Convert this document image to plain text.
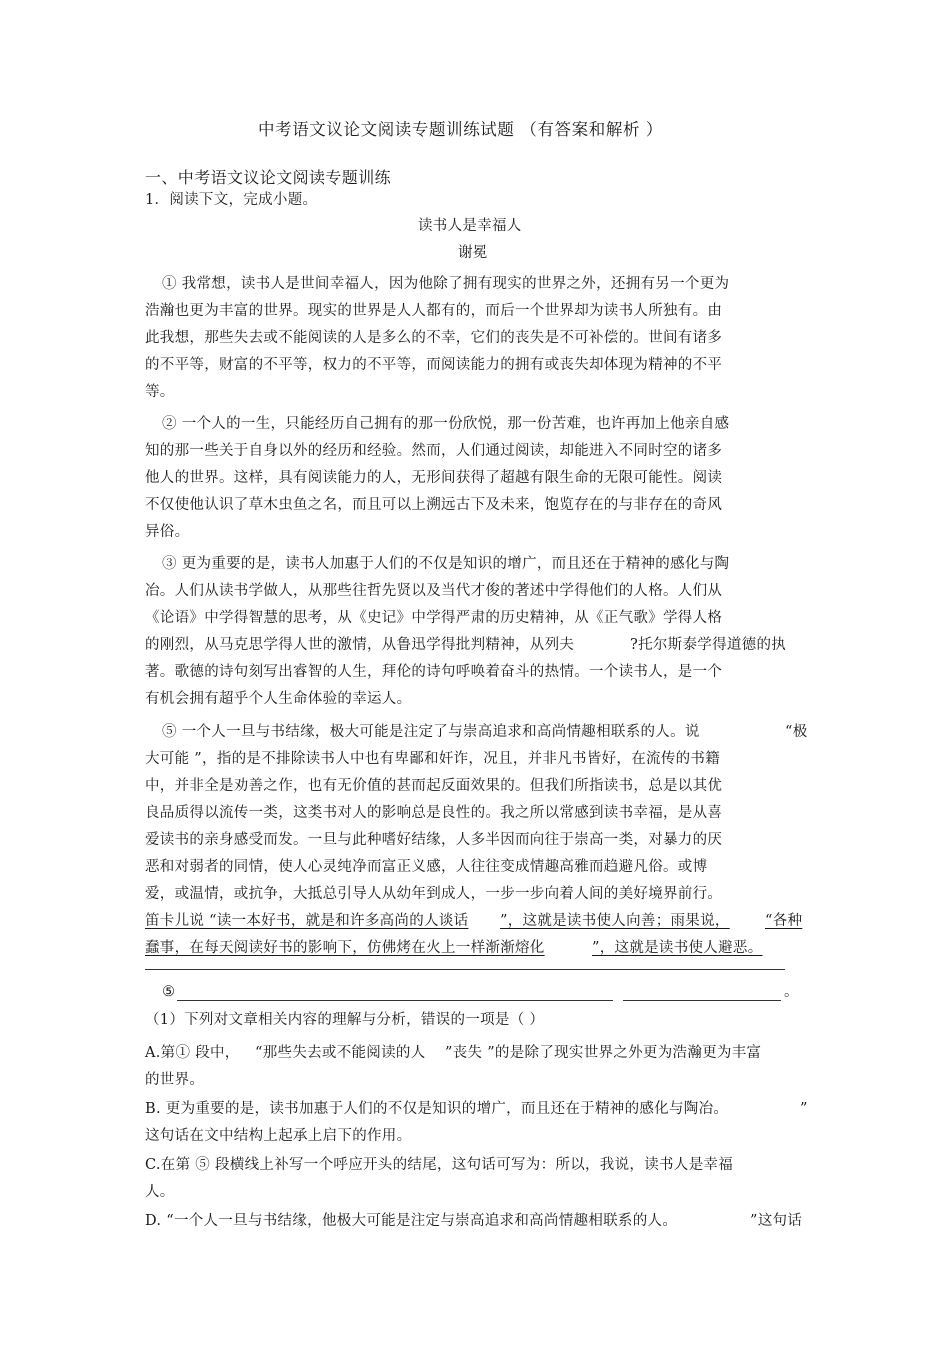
中考语文议论文阅读专题训练试题 （有答案和解析 ）
一、中考语文议论文阅读专题训练
1．阅读下文，完成小题。
读书人是幸福人
谢冕
① 我常想，读书人是世间幸福人，因为他除了拥有现实的世界之外，还拥有另一个更为
浩瀚也更为丰富的世界。现实的世界是人人都有的，而后一个世界却为读书人所独有。由
此我想，那些失去或不能阅读的人是多么的不幸，它们的丧失是不可补偿的。世间有诸多
的不平等，财富的不平等，权力的不平等，而阅读能力的拥有或丧失却体现为精神的不平
等。
② 一个人的一生，只能经历自己拥有的那一份欣悦，那一份苦难，也许再加上他亲自感
知的那一些关于自身以外的经历和经验。然而，人们通过阅读，却能进入不同时空的诸多
他人的世界。这样，具有阅读能力的人，无形间获得了超越有限生命的无限可能性。阅读
不仅使他认识了草木虫鱼之名，而且可以上溯远古下及未来，饱览存在的与非存在的奇风
异俗。
③ 更为重要的是，读书人加惠于人们的不仅是知识的增广，而且还在于精神的感化与陶
冶。人们从读书学做人，从那些往哲先贤以及当代才俊的著述中学得他们的人格。人们从
《论语》中学得智慧的思考，从《史记》中学得严肃的历史精神，从《正气歌》学得人格
的刚烈，从马克思学得人世的激情，从鲁迅学得批判精神，从列夫	?托尔斯泰学得道德的执
著。歌德的诗句刻写出睿智的人生，拜伦的诗句呼唤着奋斗的热情。一个读书人，是一个
有机会拥有超乎个人生命体验的幸运人。
⑤ 一个人一旦与书结缘，极大可能是注定了与崇高追求和高尚情趣相联系的人。说	“极
大可能 ”，指的是不排除读书人中也有卑鄙和奸诈，况且，并非凡书皆好，在流传的书籍
中，并非全是劝善之作，也有无价值的甚而起反面效果的。但我们所指读书，总是以其优
良品质得以流传一类，这类书对人的影响总是良性的。我之所以常感到读书幸福，是从喜
爱读书的亲身感受而发。一旦与此种嗜好结缘，人多半因而向往于崇高一类，对暴力的厌
恶和对弱者的同情，使人心灵纯净而富正义感，人往往变成情趣高雅而趋避凡俗。或博
爱，或温情，或抗争，大抵总引导人从幼年到成人，一步一步向着人间的美好境界前行。
笛卡儿说 “读一本好书，就是和许多高尚的人谈话 ”，这就是读书使人向善；雨果说， “各种
蠢事，在每天阅读好书的影响下，仿佛烤在火上一样渐渐熔化	”，这就是读书使人避恶。
⑤	。
（1）下列对文章相关内容的理解与分析，错误的一项是（ ）
A.第① 段中， “那些失去或不能阅读的人 ”丧失 ”的是除了现实世界之外更为浩瀚更为丰富
的世界。
B. 更为重要的是，读书加惠于人们的不仅是知识的增广，而且还在于精神的感化与陶冶。	”
这句话在文中结构上起承上启下的作用。
C.在第 ⑤ 段横线上补写一个呼应开头的结尾，这句话可写为：所以，我说，读书人是幸福
人。
D. “一个人一旦与书结缘，他极大可能是注定与崇高追求和高尚情趣相联系的人。	”这句话
